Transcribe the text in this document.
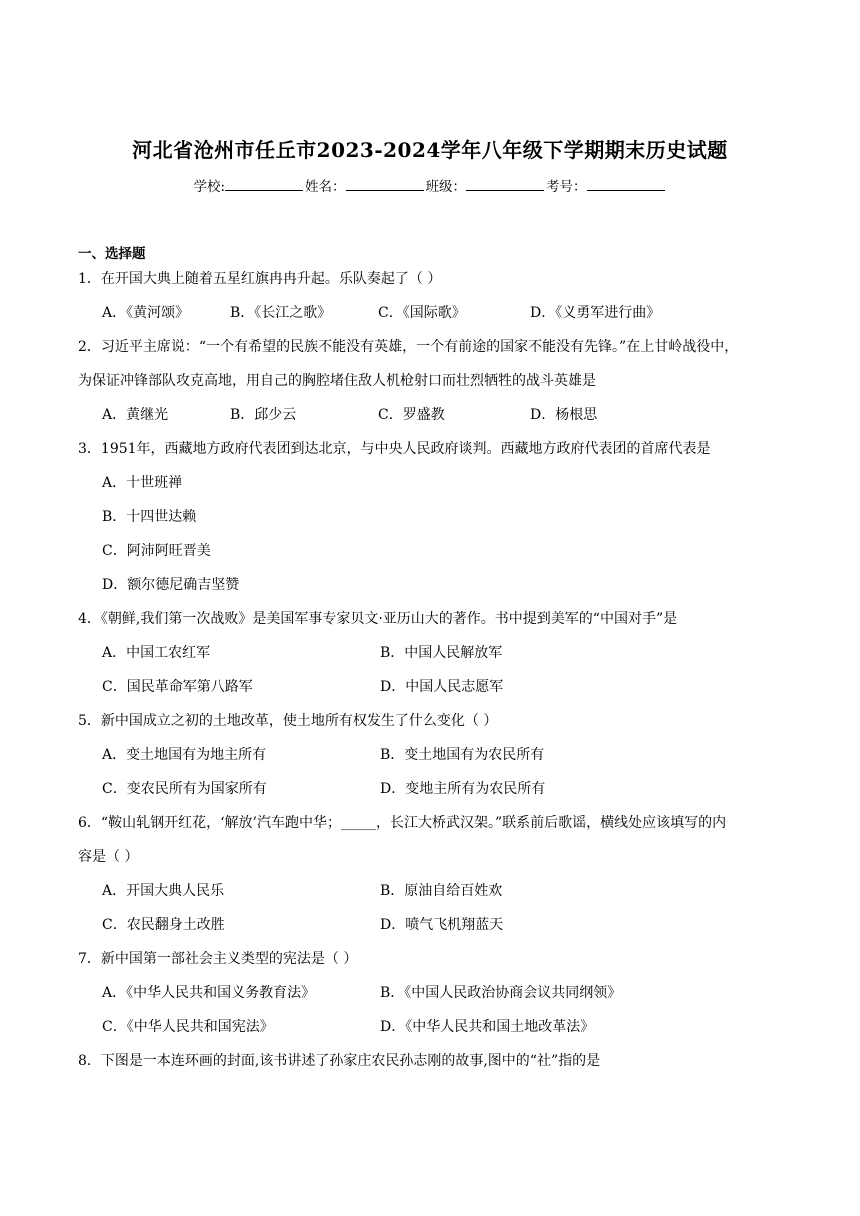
河北省沧州市任丘市2023-2024学年八年级下学期期末历史试题
学校:	姓名：	班级：	考号：
一、选择题
1．在开国大典上随着五星红旗冉冉升起。乐队奏起了（ ）
A．《黄河颂》	B．《长江之歌》	C．《国际歌》	D．《义勇军进行曲》
2．习近平主席说：“一个有希望的民族不能没有英雄，一个有前途的国家不能没有先锋。”在上甘岭战役中，
为保证冲锋部队攻克高地，用自己的胸腔堵住敌人机枪射口而壮烈牺牲的战斗英雄是
A．黄继光	B．邱少云	C．罗盛教	D．杨根思
3．1951年，西藏地方政府代表团到达北京，与中央人民政府谈判。西藏地方政府代表团的首席代表是
A．十世班禅
B．十四世达赖
C．阿沛阿旺晋美
D．额尔德尼确吉坚赞
4．《朝鲜,我们第一次战败》是美国军事专家贝文·亚历山大的著作。书中提到美军的“中国对手”是
A．中国工农红军	B．中国人民解放军
C．国民革命军第八路军	D．中国人民志愿军
5．新中国成立之初的土地改革，使土地所有权发生了什么变化（ ）
A．变土地国有为地主所有	B．变土地国有为农民所有
C．变农民所有为国家所有	D．变地主所有为农民所有
6．“鞍山轧钢开红花，‘解放’汽车跑中华；_____，长江大桥武汉架。”联系前后歌谣，横线处应该填写的内
容是（ ）
A．开国大典人民乐	B．原油自给百姓欢
C．农民翻身土改胜	D．喷气飞机翔蓝天
7．新中国第一部社会主义类型的宪法是（ ）
A．《中华人民共和国义务教育法》	B．《中国人民政治协商会议共同纲领》
C．《中华人民共和国宪法》	D．《中华人民共和国土地改革法》
8．下图是一本连环画的封面,该书讲述了孙家庄农民孙志刚的故事,图中的“社”指的是
